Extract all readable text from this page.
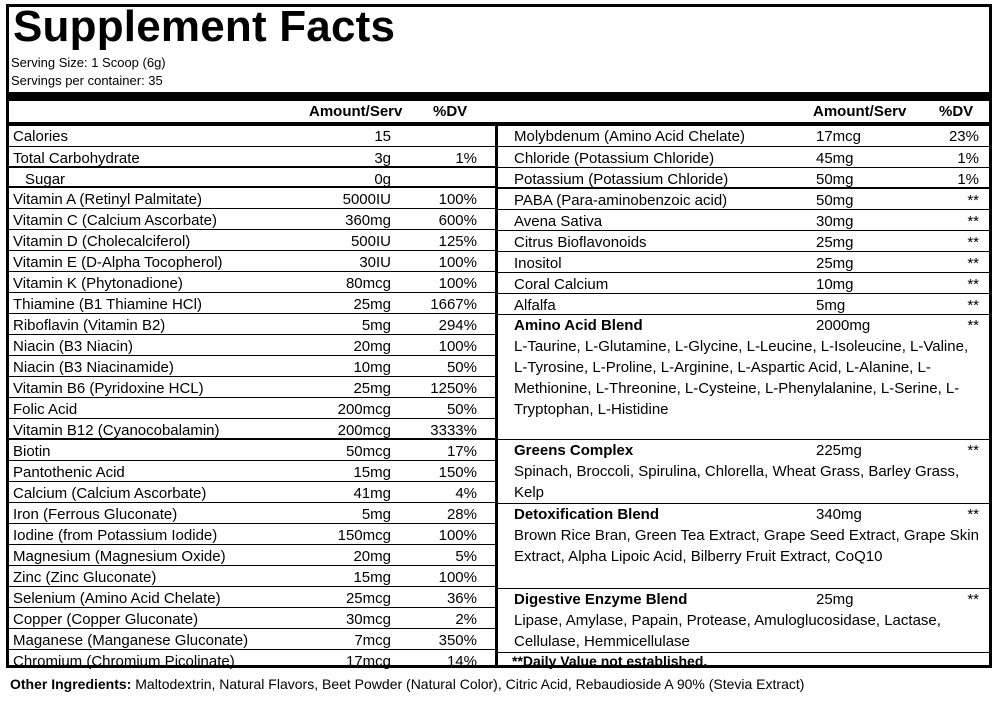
Supplement Facts
Serving Size: 1 Scoop (6g)
Servings per container: 35
Amount/Serv %DV	Amount/Serv %DV
Calories	15
Total Carbohydrate	3g	1%
Sugar	0g
Vitamin A (Retinyl Palmitate)	5000IU	100%
Vitamin C (Calcium Ascorbate)	360mg	600%
Vitamin D (Cholecalciferol)	500IU	125%
Vitamin E (D-Alpha Tocopherol)	30IU	100%
Vitamin K (Phytonadione)	80mcg	100%
Thiamine (B1 Thiamine HCl)	25mg	1667%
Riboflavin (Vitamin B2)	5mg	294%
Niacin (B3 Niacin)	20mg	100%
Niacin (B3 Niacinamide)	10mg	50%
Vitamin B6 (Pyridoxine HCL)	25mg	1250%
Folic Acid	200mcg	50%
Vitamin B12 (Cyanocobalamin)	200mcg	3333%
Biotin	50mcg	17%
Pantothenic Acid	15mg	150%
Calcium (Calcium Ascorbate)	41mg	4%
Iron (Ferrous Gluconate)	5mg	28%
Iodine (from Potassium Iodide)	150mcg	100%
Magnesium (Magnesium Oxide)	20mg	5%
Zinc (Zinc Gluconate)	15mg	100%
Selenium (Amino Acid Chelate)	25mcg	36%
Copper (Copper Gluconate)	30mcg	2%
Maganese (Manganese Gluconate)	7mcg	350%
Chromium (Chromium Picolinate)	17mcg	14%
Molybdenum (Amino Acid Chelate)	17mcg	23%
Chloride (Potassium Chloride)	45mg	1%
Potassium (Potassium Chloride)	50mg	1%
PABA (Para-aminobenzoic acid)	50mg	**
Avena Sativa	30mg	**
Citrus Bioflavonoids	25mg	**
Inositol	25mg	**
Coral Calcium	10mg	**
Alfalfa	5mg	**
Amino Acid Blend	2000mg	**
L-Taurine, L-Glutamine, L-Glycine, L-Leucine, L-Isoleucine, L-Valine, L-Tyrosine, L-Proline, L-Arginine, L-Aspartic Acid, L-Alanine, L-Methionine, L-Threonine, L-Cysteine, L-Phenylalanine, L-Serine, L-Tryptophan, L-Histidine
Greens Complex	225mg	**
Spinach, Broccoli, Spirulina, Chlorella, Wheat Grass, Barley Grass, Kelp
Detoxification Blend	340mg	**
Brown Rice Bran, Green Tea Extract, Grape Seed Extract, Grape Skin Extract, Alpha Lipoic Acid, Bilberry Fruit Extract, CoQ10
Digestive Enzyme Blend	25mg	**
Lipase, Amylase, Papain, Protease, Amuloglucosidase, Lactase, Cellulase, Hemmicellulase
**Daily Value not established.
Other Ingredients: Maltodextrin, Natural Flavors, Beet Powder (Natural Color), Citric Acid, Rebaudioside A 90% (Stevia Extract)
